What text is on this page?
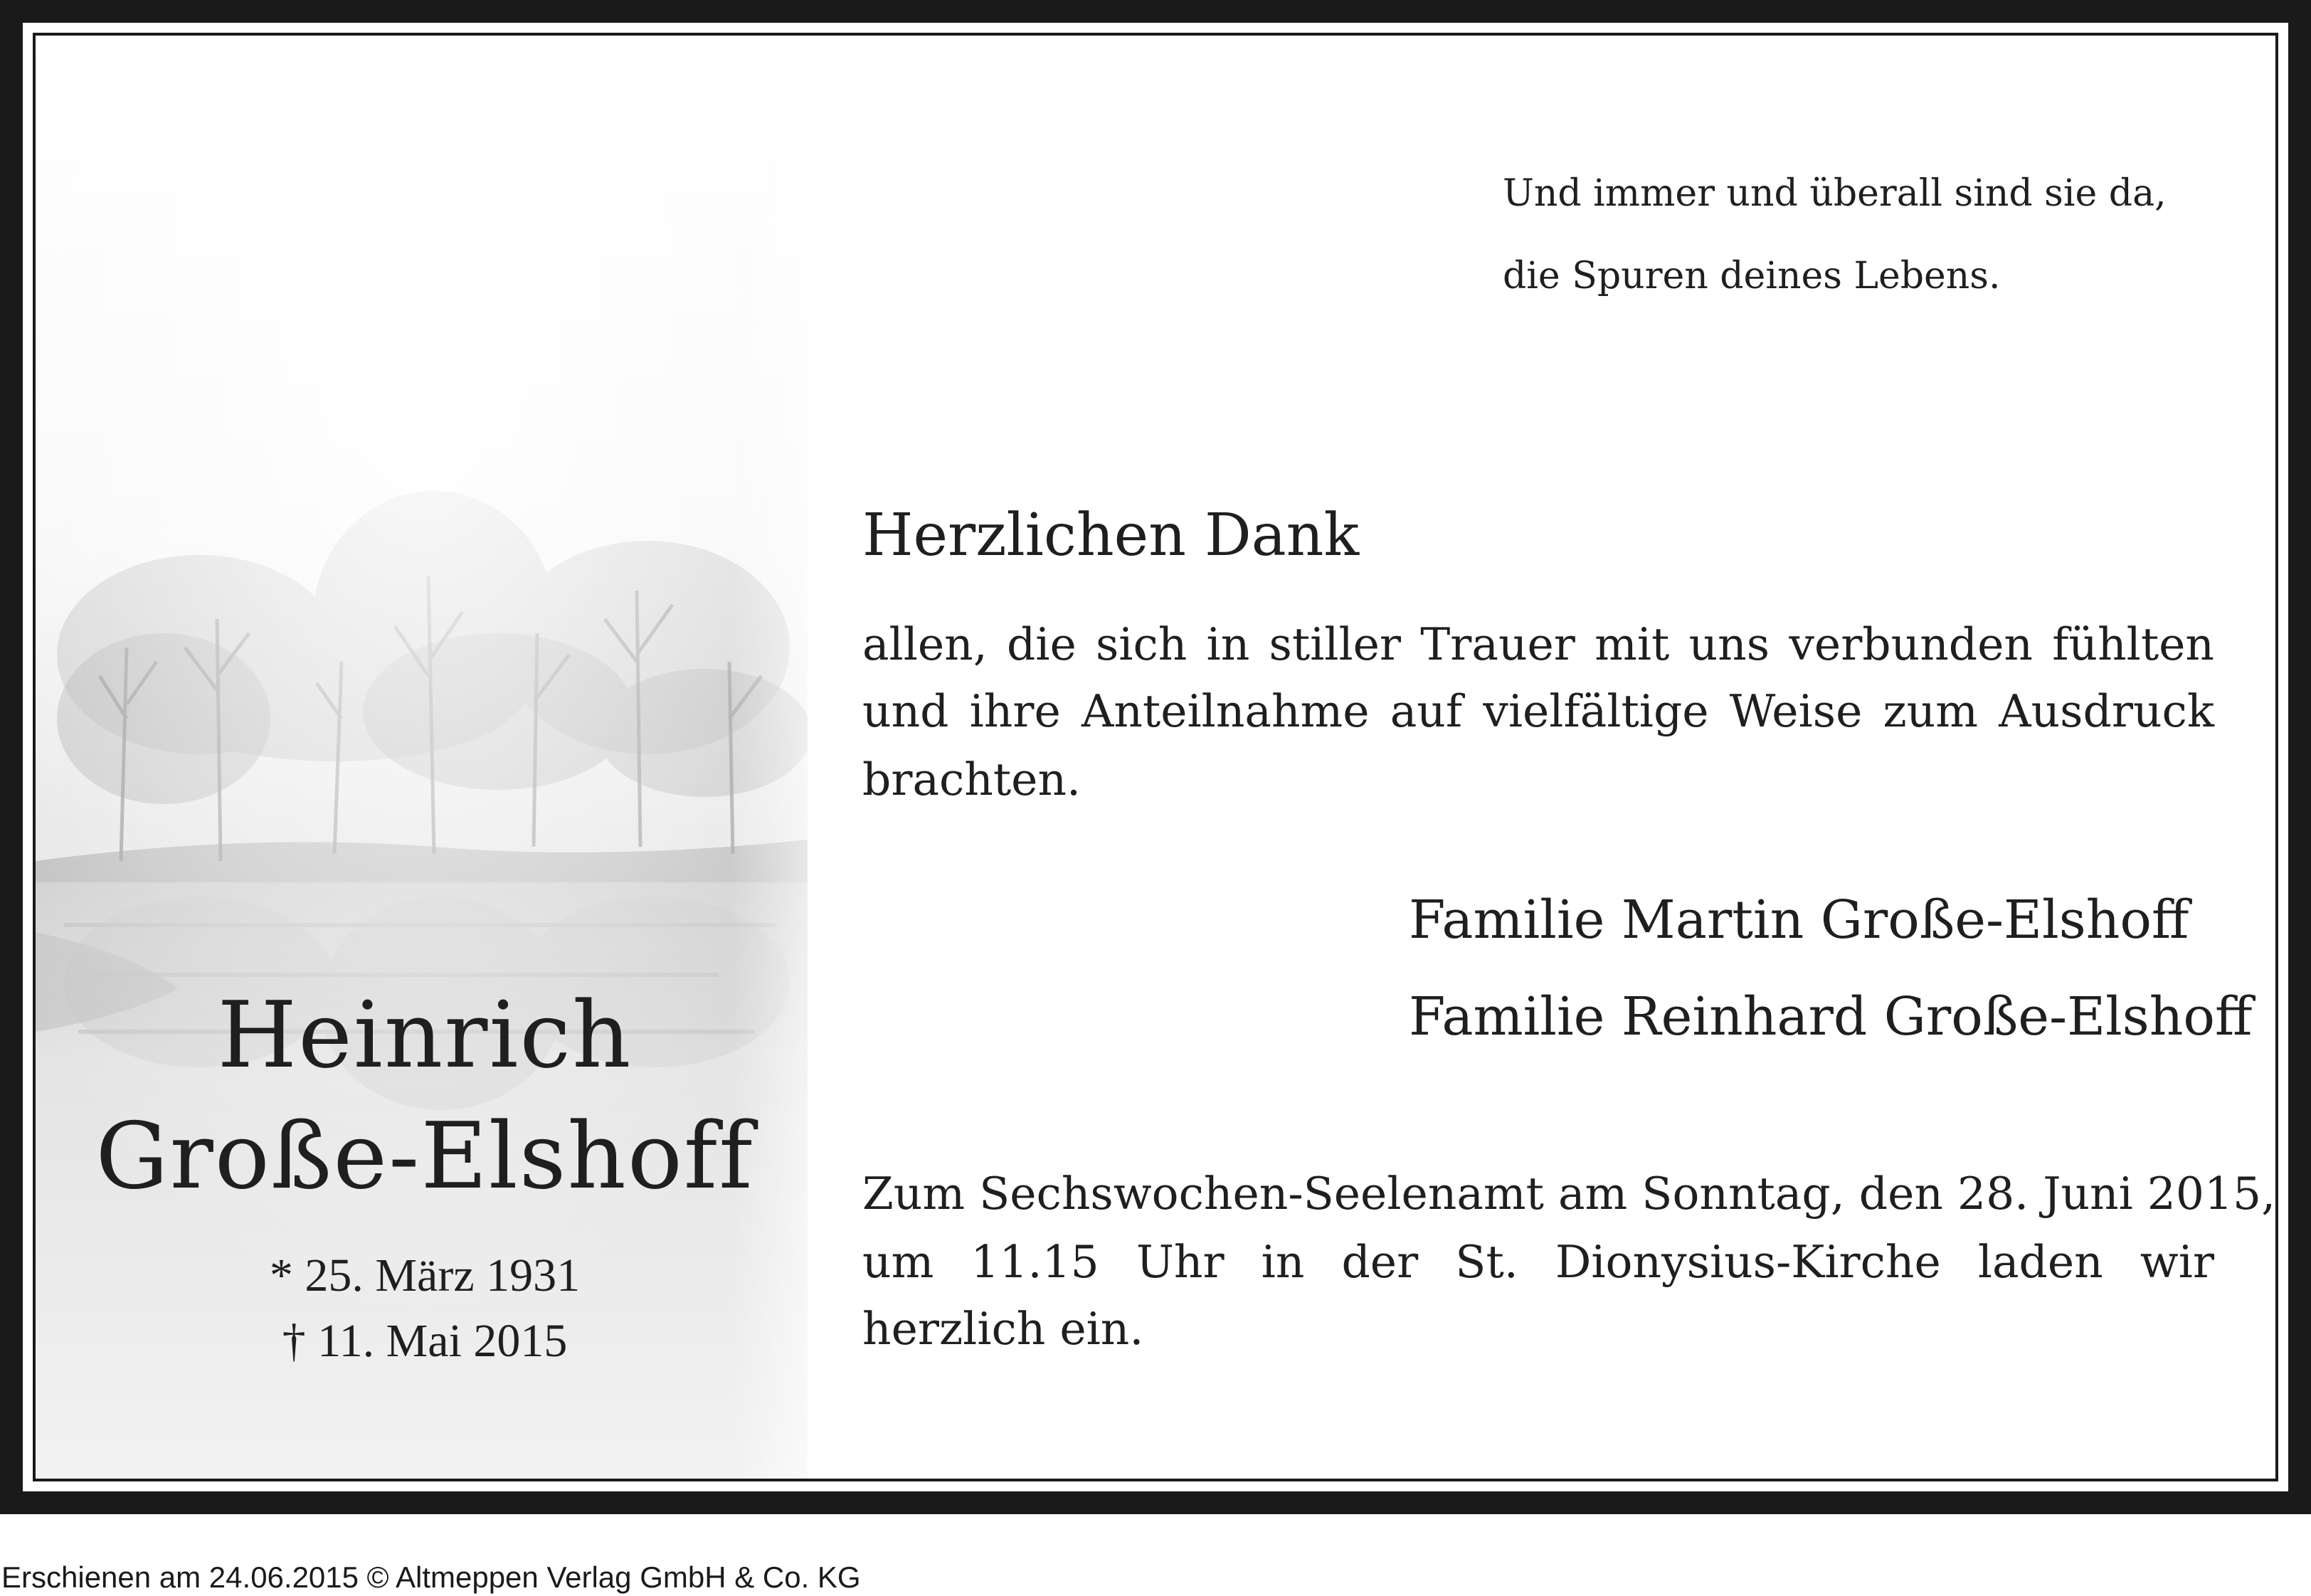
Heinrich
Große-Elshoff
* 25. März 1931
† 11. Mai 2015
Und immer und überall sind sie da,
die Spuren deines Lebens.
Herzlichen Dank
allen, die sich in stiller Trauer mit uns verbunden fühlten
und ihre Anteilnahme auf vielfältige Weise zum Ausdruck
brachten.
Familie Martin Große-Elshoff
Familie Reinhard Große-Elshoff
Zum Sechswochen-Seelenamt am Sonntag, den 28. Juni 2015,
um 11.15 Uhr in der St. Dionysius-Kirche laden wir
herzlich ein.
Erschienen am 24.06.2015 © Altmeppen Verlag GmbH & Co. KG
